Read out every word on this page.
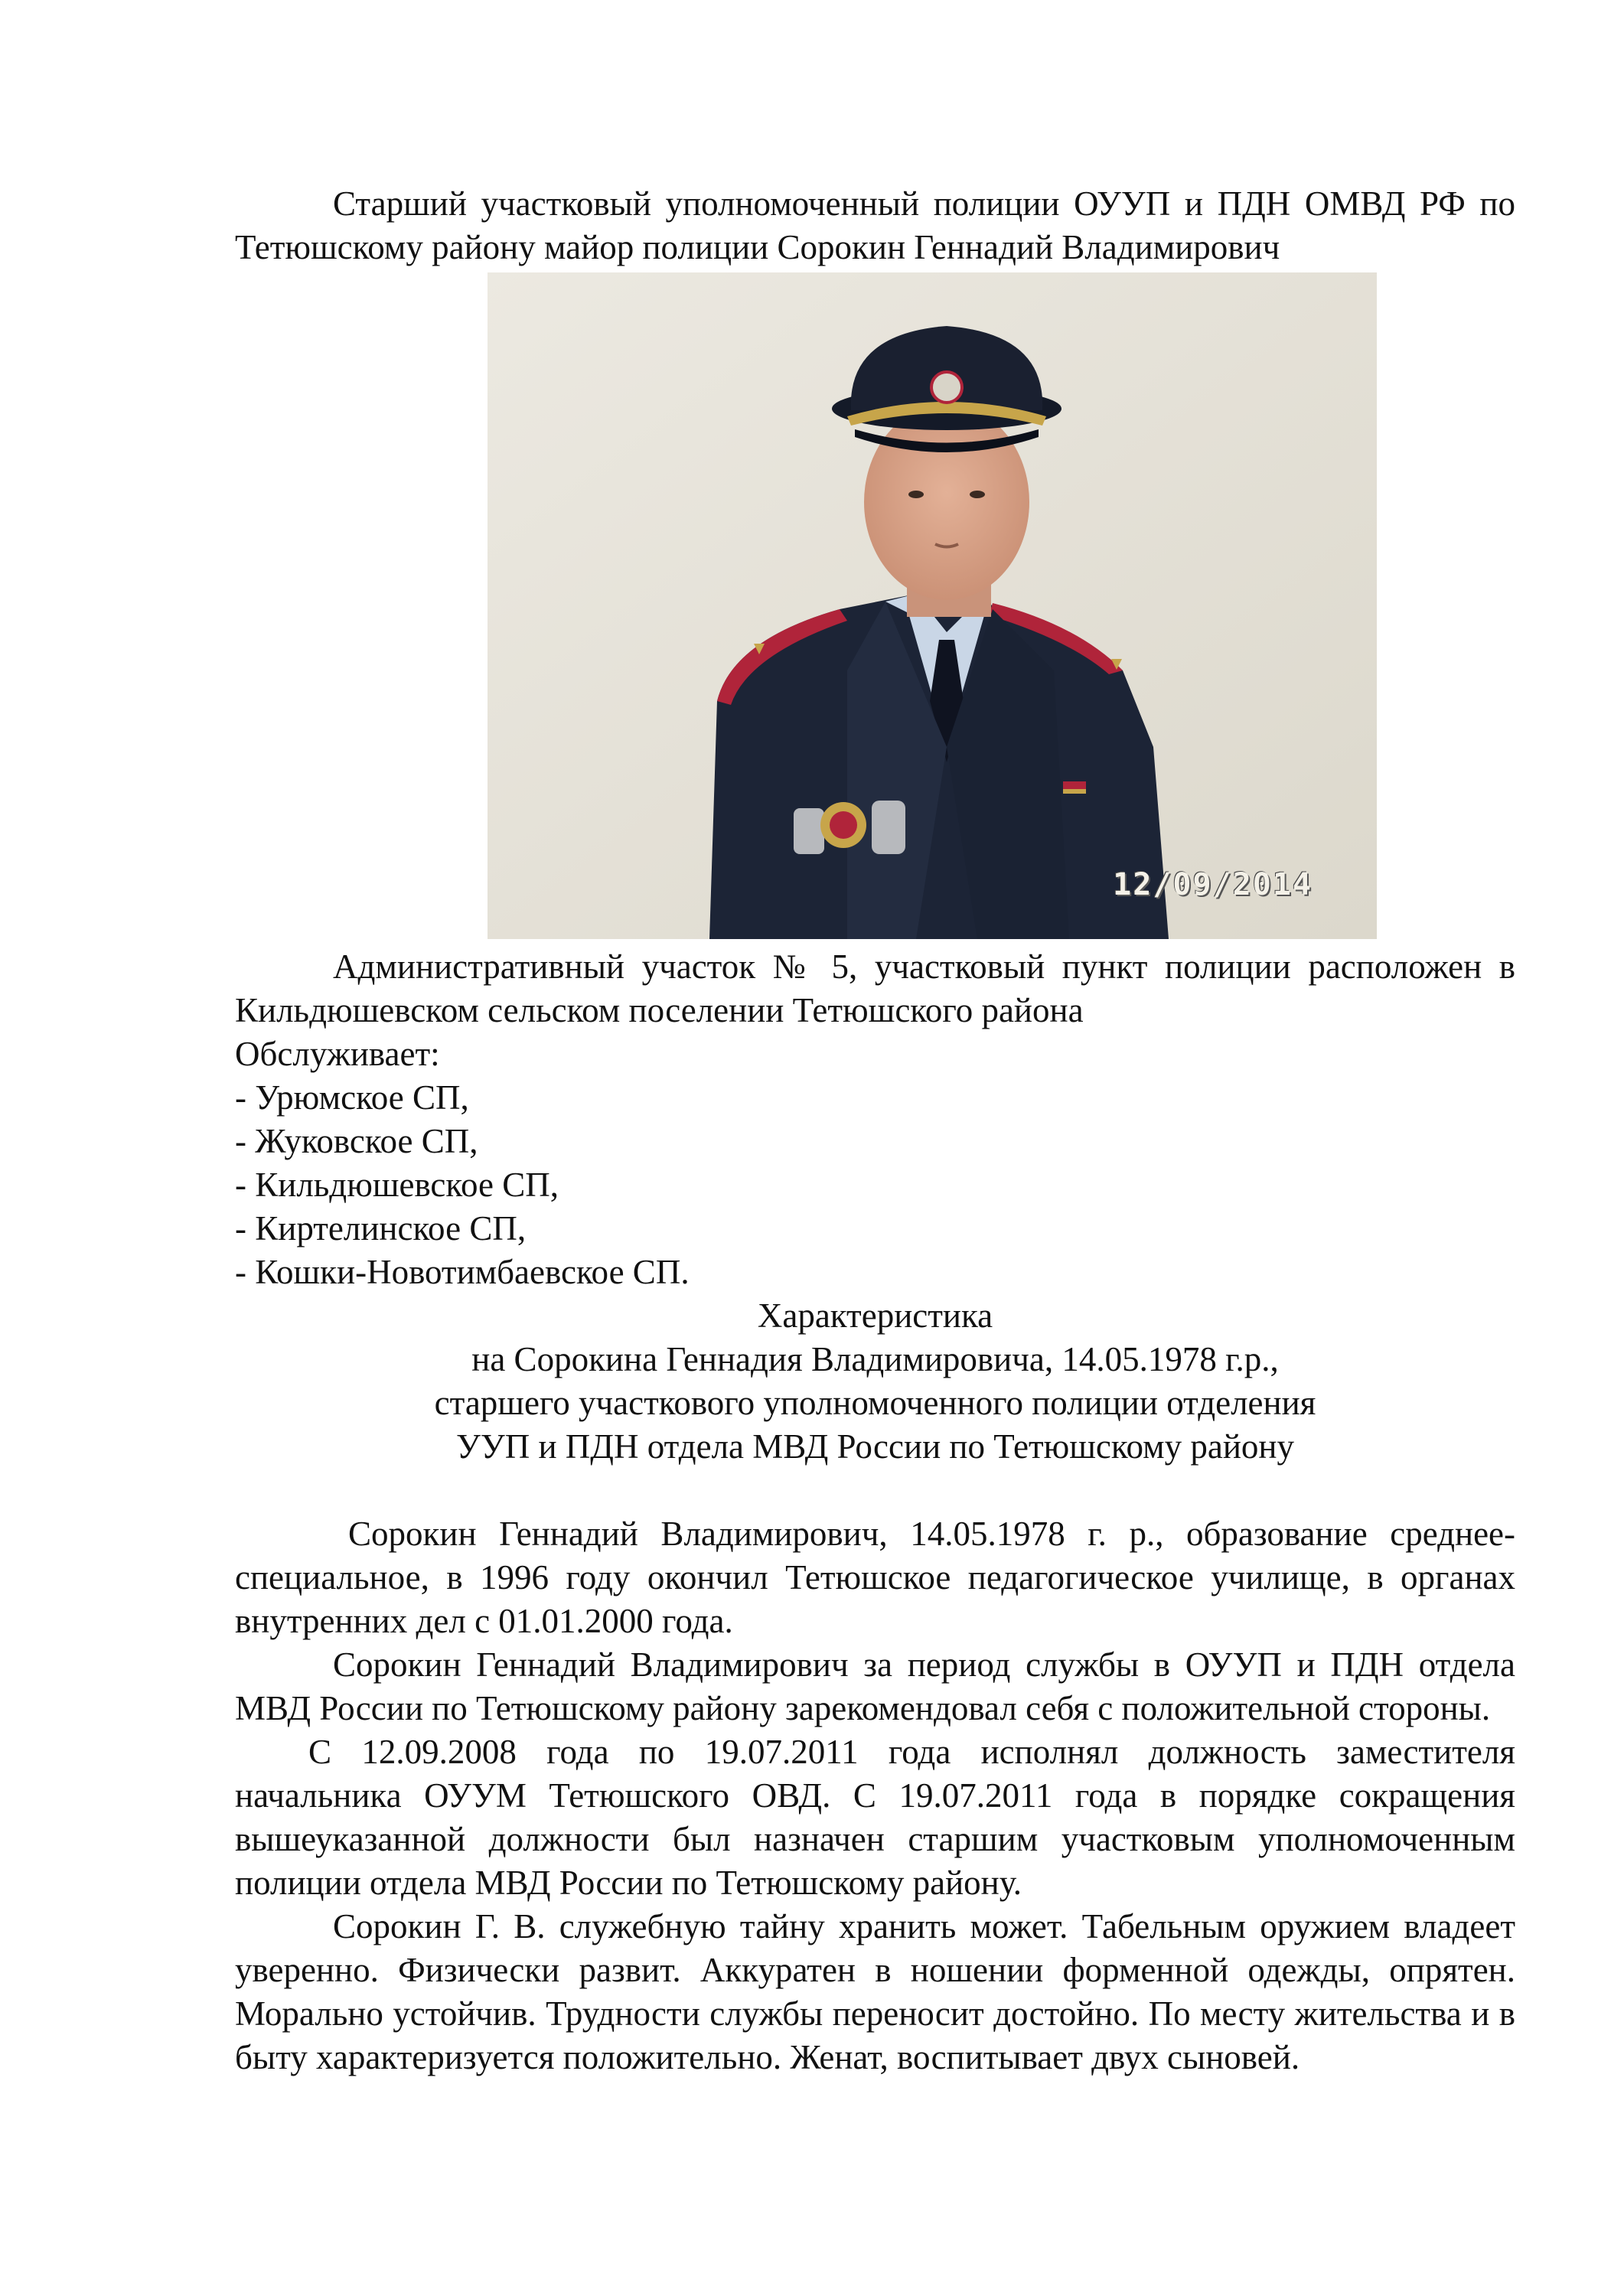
Старший участковый уполномоченный полиции ОУУП и ПДН ОМВД РФ по Тетюшскому району майор полиции Сорокин Геннадий Владимирович

12/09/2014

Административный участок № 5, участковый пункт полиции расположен в Кильдюшевском сельском поселении Тетюшского района

Обслуживает:

- Урюмское СП,
- Жуковское СП,
- Кильдюшевское СП,
- Киртелинское СП,
- Кошки-Новотимбаевское СП.

Характеристика

на Сорокина Геннадия Владимировича, 14.05.1978 г.р.,

старшего участкового уполномоченного полиции отделения

УУП и ПДН отдела МВД России по Тетюшскому району

Сорокин Геннадий Владимирович, 14.05.1978 г. р., образование среднее-специальное, в 1996 году окончил Тетюшское педагогическое училище, в органах внутренних дел с 01.01.2000 года.

Сорокин Геннадий Владимирович за период службы в ОУУП и ПДН отдела МВД России по Тетюшскому району зарекомендовал себя с положительной стороны.

С 12.09.2008 года по 19.07.2011 года исполнял должность заместителя начальника ОУУМ Тетюшского ОВД. С 19.07.2011 года в порядке сокращения вышеуказанной должности был назначен старшим участковым уполномоченным полиции отдела МВД России по Тетюшскому району.

Сорокин Г. В. служебную тайну хранить может. Табельным оружием владеет уверенно. Физически развит. Аккуратен в ношении форменной одежды, опрятен. Морально устойчив. Трудности службы переносит достойно. По месту жительства и в быту характеризуется положительно. Женат, воспитывает двух сыновей.
